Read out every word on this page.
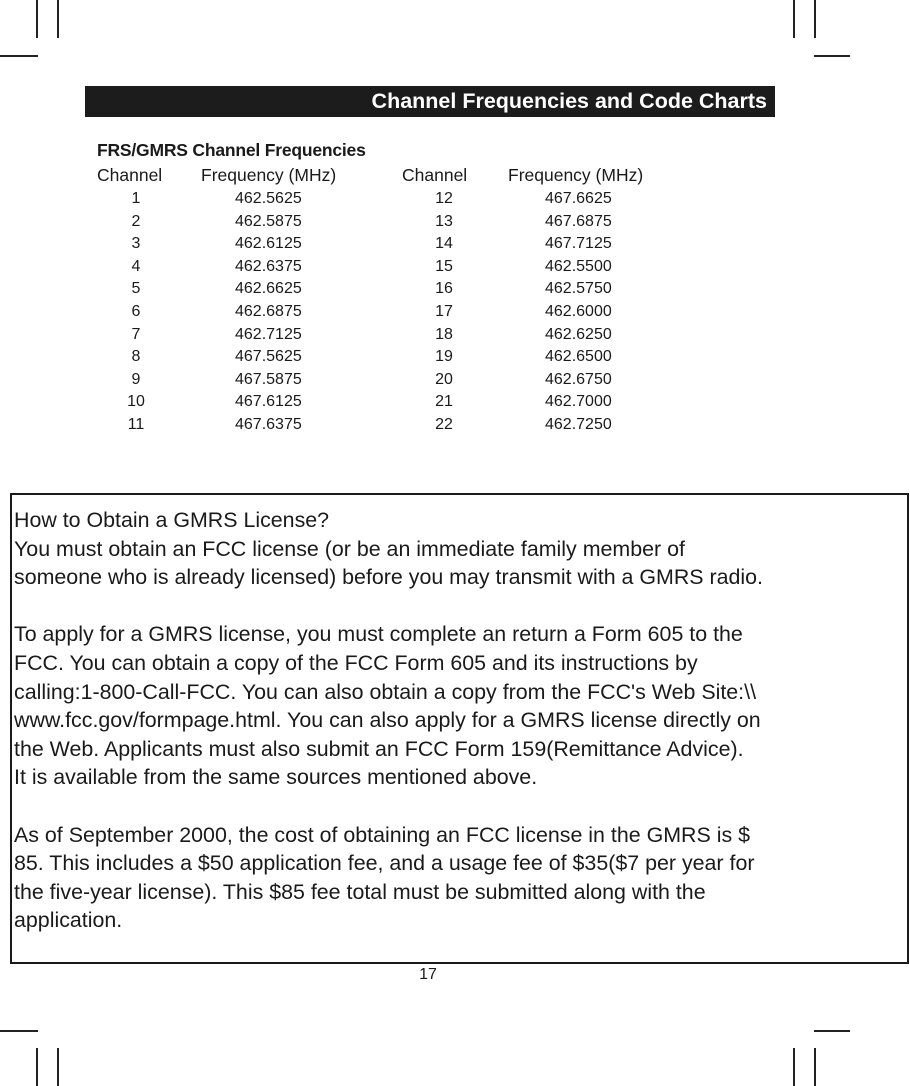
Channel Frequencies and Code Charts
FRS/GMRS Channel Frequencies
Channel Frequency (MHz)	Channel Frequency (MHz)
1
2
3
4
5
6
7
8
9
10
11
462.5625
462.5875
462.6125
462.6375
462.6625
462.6875
462.7125
467.5625
467.5875
467.6125
467.6375
12
13
14
15
16
17
18
19
20
21
22
467.6625
467.6875
467.7125
462.5500
462.5750
462.6000
462.6250
462.6500
462.6750
462.7000
462.7250
How to Obtain a GMRS License?
You must obtain an FCC license (or be an immediate family member of
someone who is already licensed) before you may transmit with a GMRS radio.
To apply for a GMRS license, you must complete an return a Form 605 to the
FCC. You can obtain a copy of the FCC Form 605 and its instructions by
calling:1-800-Call-FCC. You can also obtain a copy from the FCC's Web Site:\\
www.fcc.gov/formpage.html. You can also apply for a GMRS license directly on
the Web. Applicants must also submit an FCC Form 159(Remittance Advice).
It is available from the same sources mentioned above.
As of September 2000, the cost of obtaining an FCC license in the GMRS is $
85. This includes a $50 application fee, and a usage fee of $35($7 per year for
the five-year license). This $85 fee total must be submitted along with the
application.
17
